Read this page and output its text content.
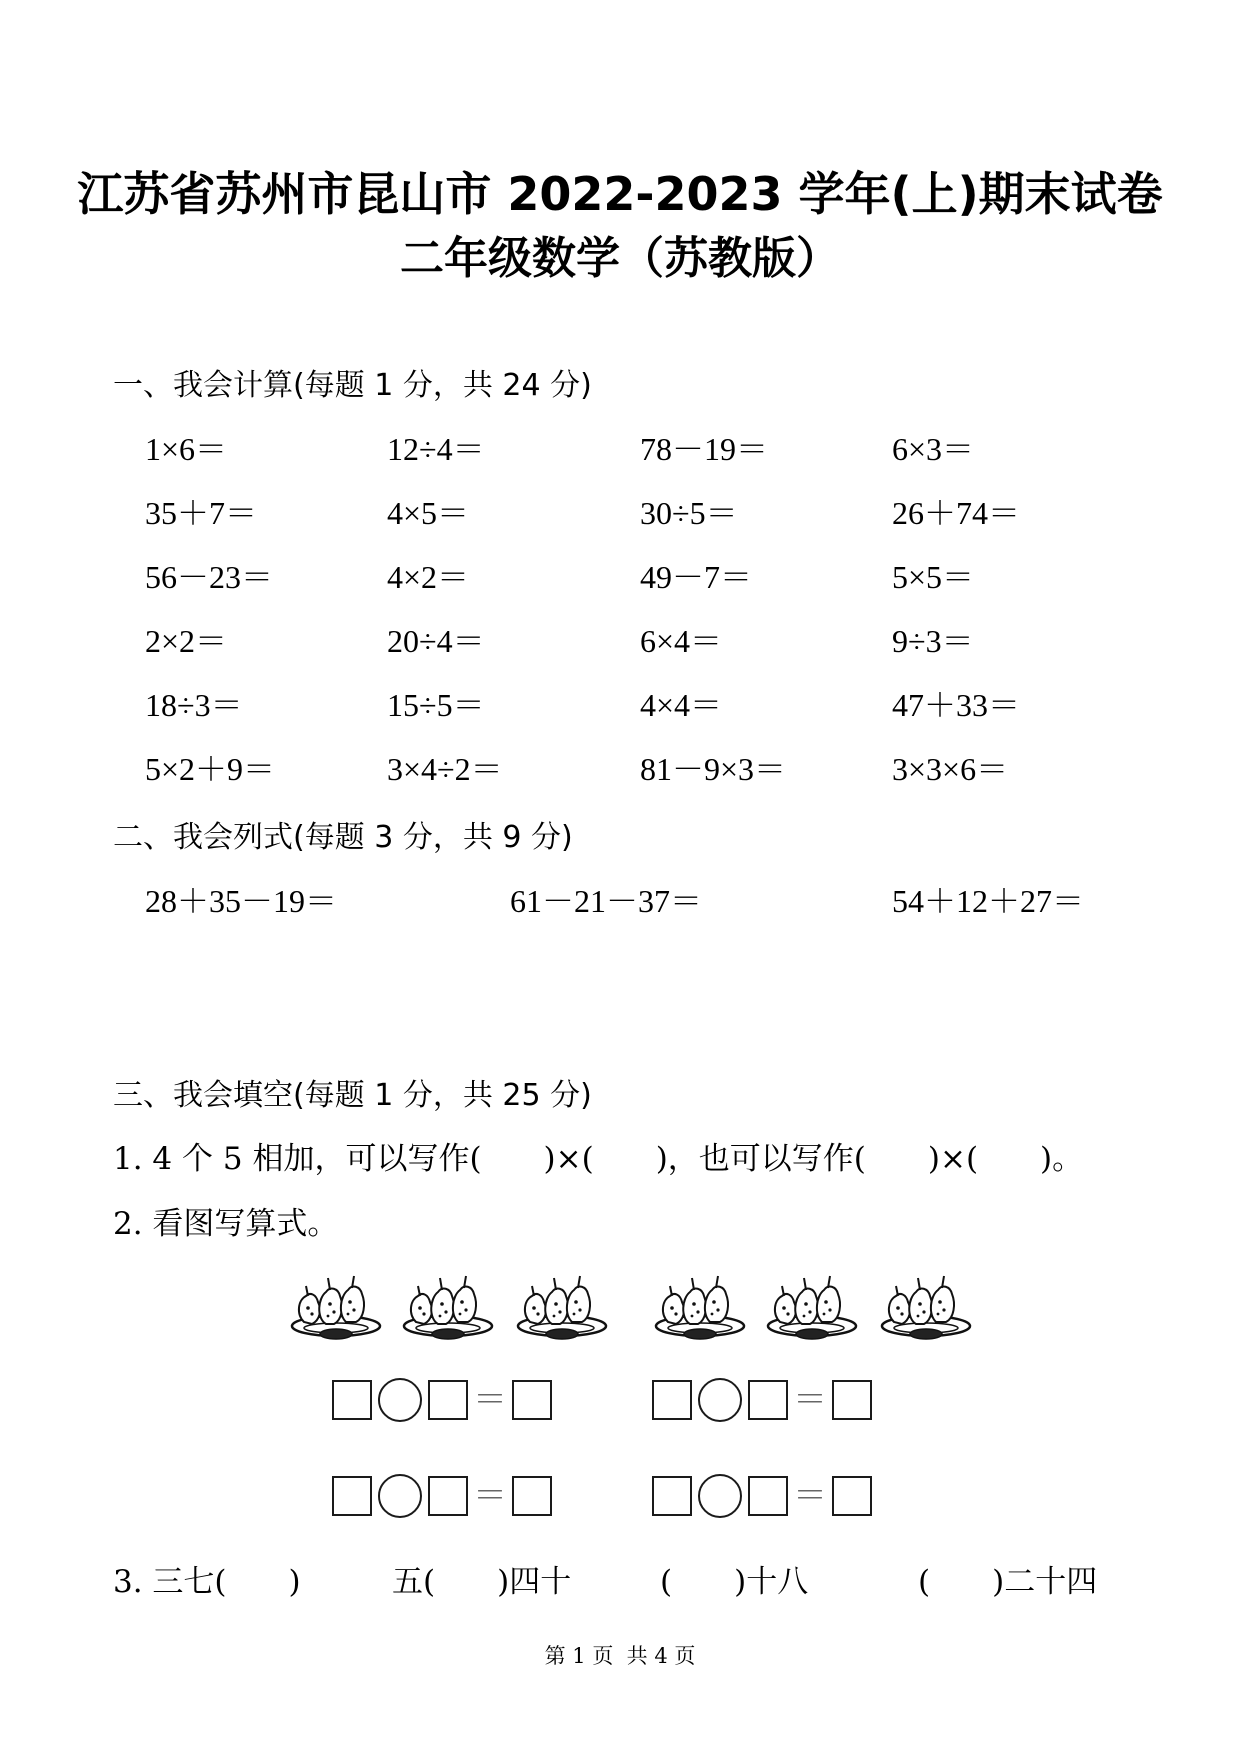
江苏省苏州市昆山市 2022-2023 学年(上)期末试卷
二年级数学（苏教版）
一、我会计算(每题 1 分，共 24 分)
1×6＝	12÷4＝	78－19＝	6×3＝
35＋7＝	4×5＝	30÷5＝	26＋74＝
56－23＝	4×2＝	49－7＝	5×5＝
2×2＝	20÷4＝	6×4＝	9÷3＝
18÷3＝	15÷5＝	4×4＝	47＋33＝
5×2＋9＝	3×4÷2＝	81－9×3＝	3×3×6＝
二、我会列式(每题 3 分，共 9 分)
28＋35－19＝	61－21－37＝	54＋12＋27＝
三、我会填空(每题 1 分，共 25 分)
1. 4 个 5 相加，可以写作(　　)×(　　)，也可以写作(　　)×(　　)。
2. 看图写算式。
＝	＝
＝	＝
3. 三七(　　)	五(　　)四十	(　　)十八	(　　)二十四
第 1 页  共 4 页
